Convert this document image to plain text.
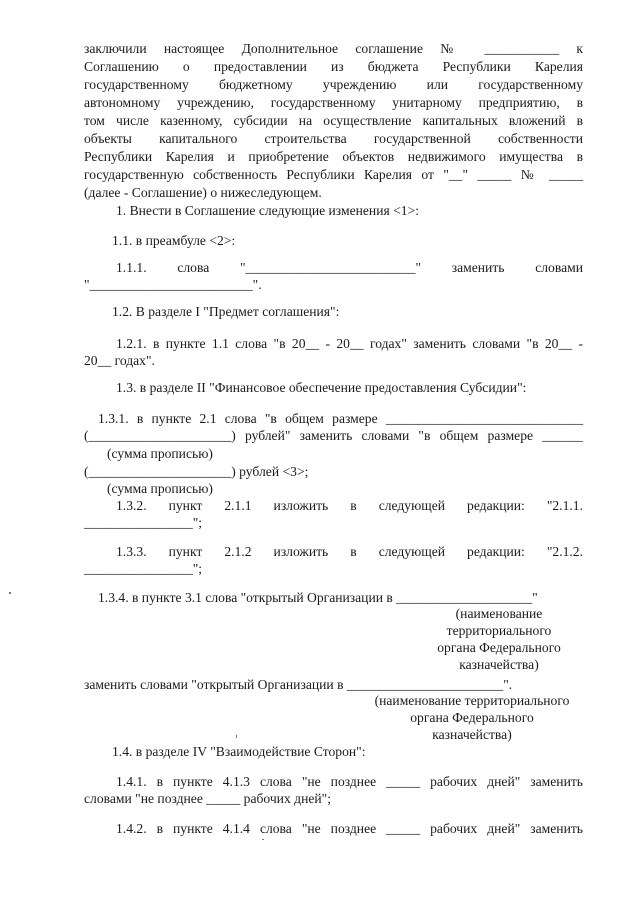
заключили настоящее Дополнительное соглашение № ___________ к
Соглашению о предоставлении из бюджета Республики Карелия
государственному бюджетному учреждению или государственному
автономному учреждению, государственному унитарному предприятию, в
том числе казенному, субсидии на осуществление капитальных вложений в
объекты капитального строительства государственной собственности
Республики Карелия и приобретение объектов недвижимого имущества в
государственную собственность Республики Карелия от "__" _____ № _____
(далее - Соглашение) о нижеследующем.
1. Внести в Соглашение следующие изменения <1>:
1.1. в преамбуле <2>:
1.1.1. слова "_________________________" заменить словами
"________________________".
1.2. В разделе I "Предмет соглашения":
1.2.1. в пункте 1.1 слова "в 20__ - 20__ годах" заменить словами "в 20__ -
20__ годах".
1.3. в разделе II "Финансовое обеспечение предоставления Субсидии":
1.3.1. в пункте 2.1 слова "в общем размере _____________________________
(_____________________) рублей" заменить словами "в общем размере ______
(сумма прописью)
(_____________________) рублей <3>;
(сумма прописью)
1.3.2. пункт 2.1.1 изложить в следующей редакции: "2.1.1.
________________";
1.3.3. пункт 2.1.2 изложить в следующей редакции: "2.1.2.
________________";
1.3.4. в пункте 3.1 слова "открытый Организации в ____________________"
(наименование
территориального
органа Федерального
казначейства)
заменить словами "открытый Организации в _______________________".
(наименование территориального
органа Федерального
казначейства)
1.4. в разделе IV "Взаимодействие Сторон":
1.4.1. в пункте 4.1.3 слова "не позднее _____ рабочих дней" заменить
словами "не позднее _____ рабочих дней";
1.4.2. в пункте 4.1.4 слова "не позднее _____ рабочих дней" заменить
